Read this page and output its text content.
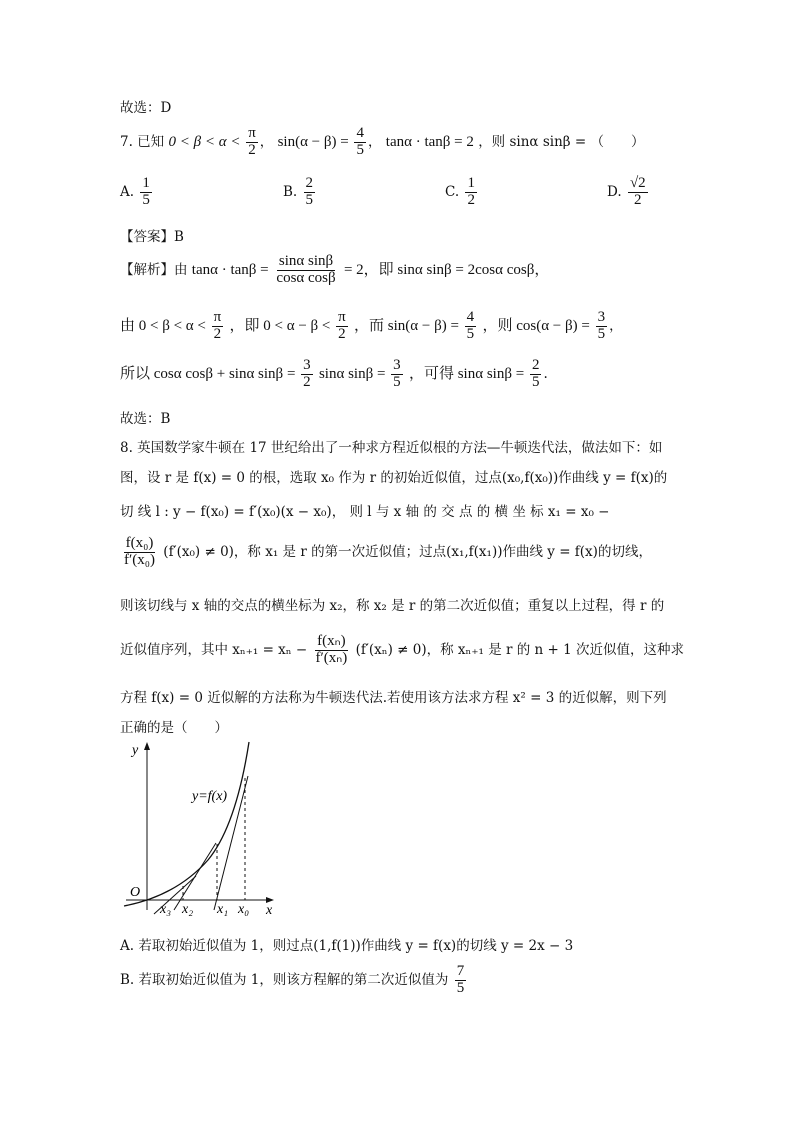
故选：D
7. 已知 $0 < \beta < \alpha < \frac{\pi}{2}$ ， $\sin(\alpha - \beta) = \frac{4}{5}$ ， tanα · tanβ = 2 ，则 sinα sinβ = （　　）
A. $\frac{1}{5}$	B. $\frac{2}{5}$	C. $\frac{1}{2}$	D. $\frac{√2}{2}$
【答案】B
【解析】由 $\tan\alpha \cdot \tan\beta = \frac{\text{sinα sinβ}}{\text{cosα cosβ}} = 2$，即 sinα sinβ = 2cosα cosβ，
由 $0 < \beta < \alpha < \frac{\pi}{2}$ ，即 $0 < \alpha - \beta < \frac{\pi}{2}$ ，而 $\sin(\alpha - \beta) = \frac{4}{5}$ ，则 $\cos(\alpha - \beta) = \frac{3}{5}$ ，
所以 cosα cosβ + sinα $\sin\beta = \frac{3}{2}$ sinα $\sin\beta = \frac{3}{5}$ ，可得 sinα $\sin\beta = \frac{2}{5}$ .
故选：B
8. 英国数学家牛顿在 17 世纪给出了一种求方程近似根的方法—牛顿迭代法，做法如下：如
图，设 r 是 f(x) = 0 的根，选取 x₀ 作为 r 的初始近似值，过点(x₀,f(x₀))作曲线 y = f(x)的
切 线 l : y − f(x₀) = f′(x₀)(x − x₀)， 则 l 与 x 轴 的 交 点 的 横 坐 标 x₁ = x₀ −
$\frac{\text{f(x₀)}}{\text{f′(x₀)}} (f'(x_0) \ne 0)$，称 x₁ 是 r 的第一次近似值；过点(x₁,f(x₁))作曲线 y = f(x)的切线，
则该切线与 x 轴的交点的横坐标为 x₂，称 x₂ 是 r 的第二次近似值；重复以上过程，得 r 的
近似值序列，其中 $x_{n+1} = x_n - \frac{\text{f(xₙ)}}{\text{f′(xₙ)}} (f'(x_n) \ne 0)$，称 xₙ₊₁ 是 r 的 n + 1 次近似值，这种求
方程 f(x) = 0 近似解的方法称为牛顿迭代法.若使用该方法求方程 x² = 3 的近似解，则下列
正确的是（　　）
y
x
O
y=f(x)
x₃ x₂ x₁ x₀
A. 若取初始近似值为 1，则过点(1,f(1))作曲线 y = f(x)的切线 y = 2x − 3
B. 若取初始近似值为 1，则该方程解的第二次近似值为 $\frac{7}{5}$
